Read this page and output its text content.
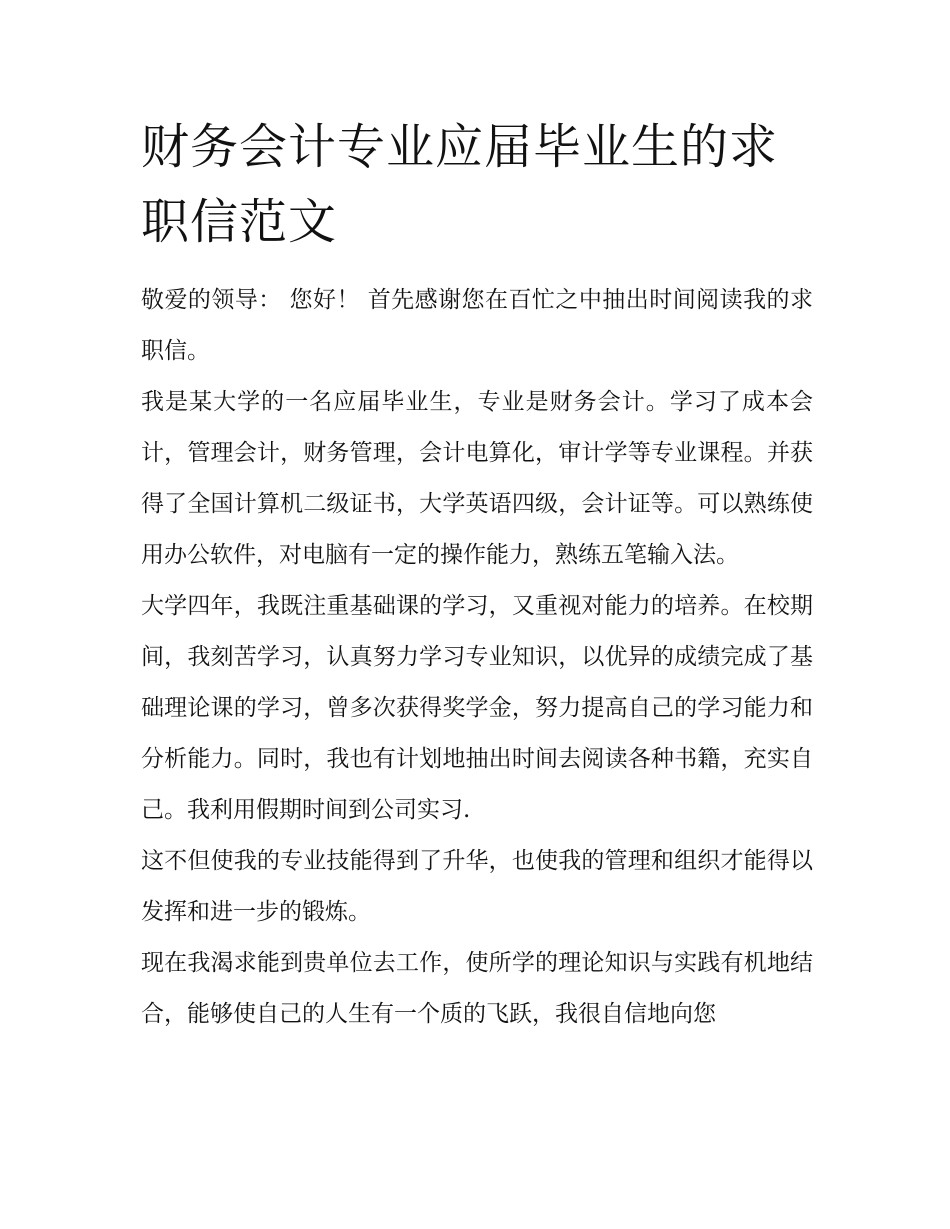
财务会计专业应届毕业生的求
职信范文

敬爱的领导： 您好！ 首先感谢您在百忙之中抽出时间阅读我的求职信。

我是某大学的一名应届毕业生，专业是财务会计。学习了成本会计，管理会计，财务管理，会计电算化，审计学等专业课程。并获得了全国计算机二级证书，大学英语四级，会计证等。可以熟练使用办公软件，对电脑有一定的操作能力，熟练五笔输入法。

大学四年，我既注重基础课的学习，又重视对能力的培养。在校期间，我刻苦学习，认真努力学习专业知识，以优异的成绩完成了基础理论课的学习，曾多次获得奖学金，努力提高自己的学习能力和分析能力。同时，我也有计划地抽出时间去阅读各种书籍，充实自己。我利用假期时间到公司实习.

这不但使我的专业技能得到了升华，也使我的管理和组织才能得以发挥和进一步的锻炼。

现在我渴求能到贵单位去工作，使所学的理论知识与实践有机地结合，能够使自己的人生有一个质的飞跃，我很自信地向您
